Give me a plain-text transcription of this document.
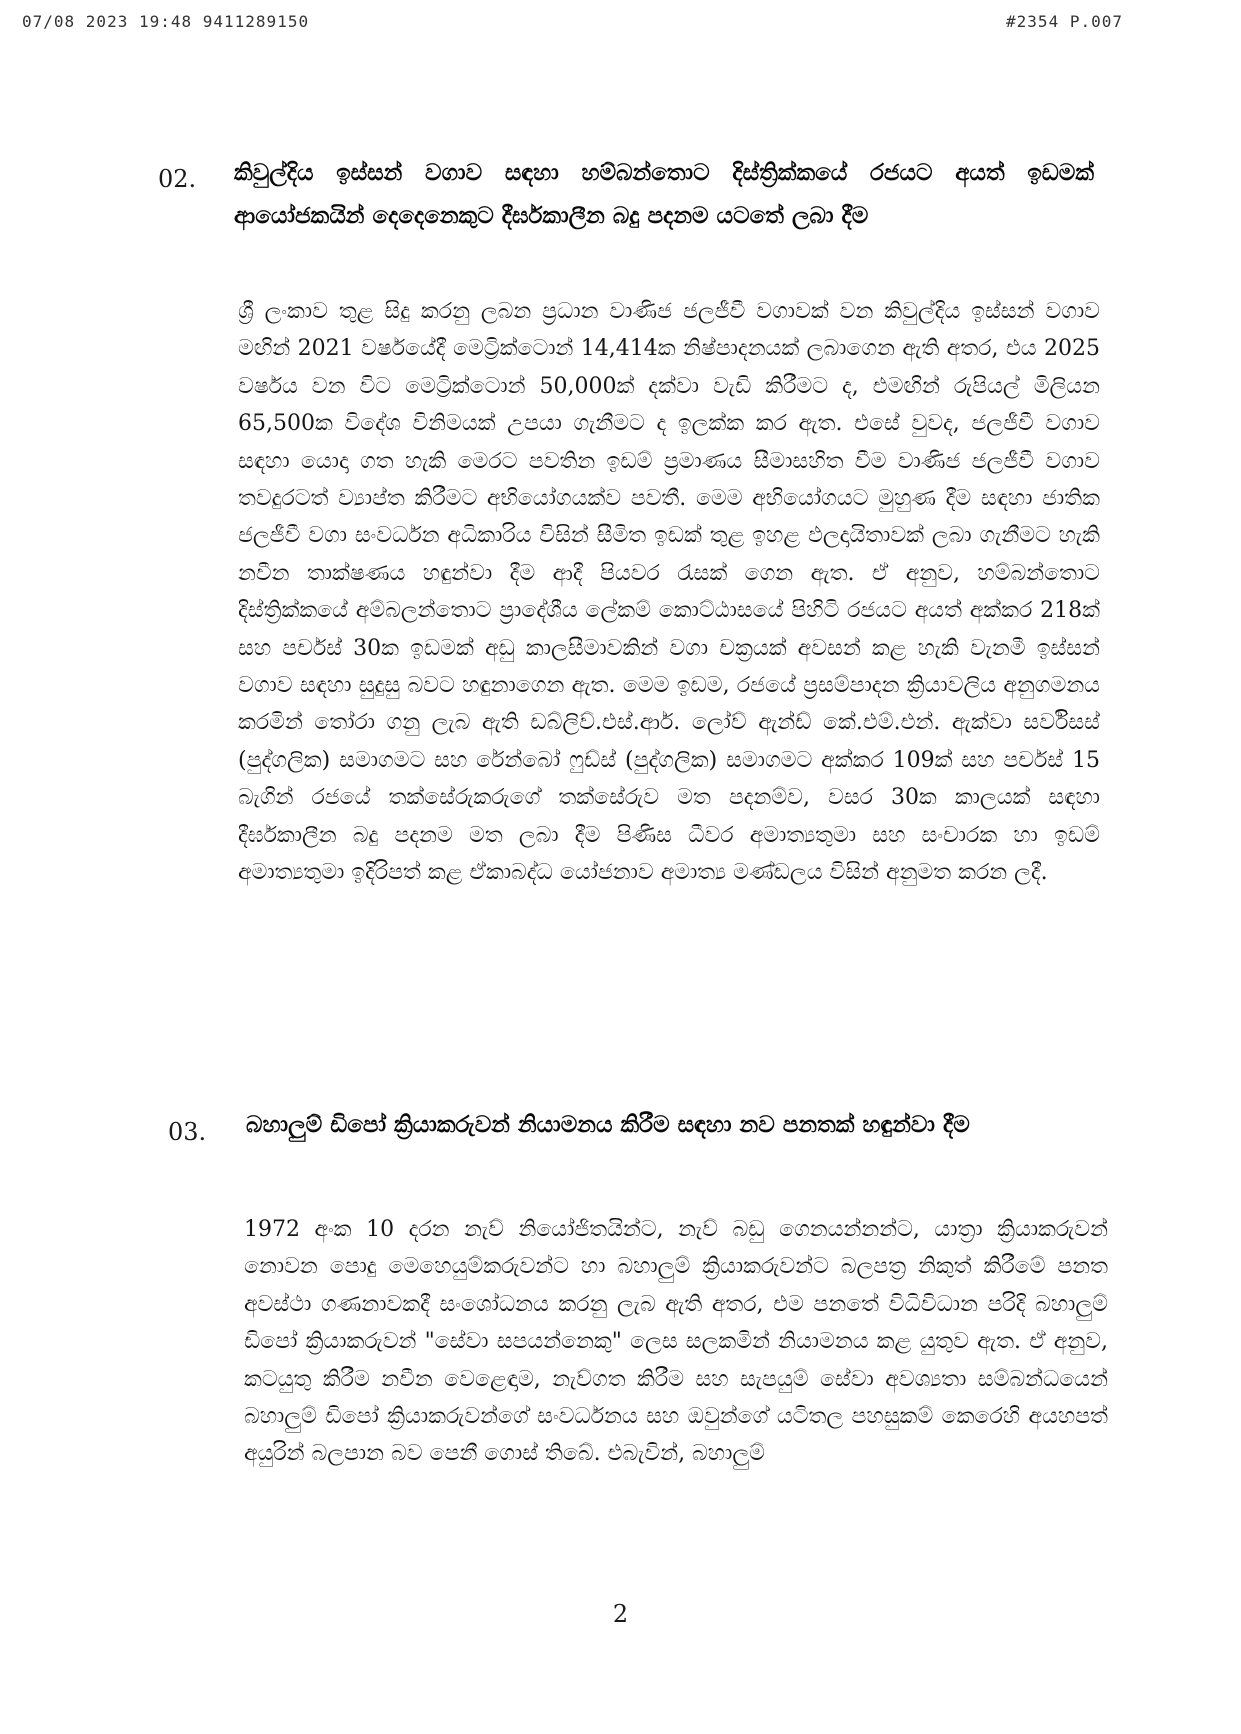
07/08 2023 19:48 9411289150	#2354 P.007
02. කිවුල්දිය ඉස්සන් වගාව සඳහා හම්බන්තොට දිස්ත්‍රික්කයේ රජයට අයත් ඉඩමක් ආයෝජකයින් දෙදෙනෙකුට දීර්ඝකාලීන බදු පදනම යටතේ ලබා දීම
ශ්‍රී ලංකාව තුළ සිදු කරනු ලබන ප්‍රධාන වාණිජ ජලජීවී වගාවක් වන කිවුල්දිය ඉස්සන් වගාව මඟින් 2021 වර්ෂයේදී මෙට්‍රික්ටොන් 14,414ක නිෂ්පාදනයක් ලබාගෙන ඇති අතර, එය 2025 වර්ෂය වන විට මෙට්‍රික්ටොන් 50,000ක් දක්වා වැඩි කිරීමට ද, එමඟින් රුපියල් මිලියන 65,500ක විදේශ විනිමයක් උපයා ගැනීමට ද ඉලක්ක කර ඇත. එසේ වුවද, ජලජීවී වගාව සඳහා යොදා ගත හැකි මෙරට පවතින ඉඩම් ප්‍රමාණය සීමාසහිත වීම වාණිජ ජලජීවී වගාව තවදුරටත් ව්‍යාප්ත කිරීමට අභියෝගයක්ව පවතී. මෙම අභියෝගයට මුහුණ දීම සඳහා ජාතික ජලජීවී වගා සංවර්ධන අධිකාරිය විසින් සීමිත ඉඩක් තුළ ඉහළ ඵලදායිතාවක් ලබා ගැනීමට හැකි නවීන තාක්ෂණය හඳුන්වා දීම ආදී පියවර රැසක් ගෙන ඇත. ඒ අනුව, හම්බන්තොට දිස්ත්‍රික්කයේ අම්බලන්තොට ප්‍රාදේශීය ලේකම් කොට්ඨාසයේ පිහිටි රජයට අයත් අක්කර 218ක් සහ පර්චස් 30ක ඉඩමක් අඩු කාලසීමාවකින් වගා චක්‍රයක් අවසන් කළ හැකි වැනමී ඉස්සන් වගාව සඳහා සුදුසු බවට හඳුනාගෙන ඇත. මෙම ඉඩම, රජයේ ප්‍රසම්පාදන ක්‍රියාවලිය අනුගමනය කරමින් තෝරා ගනු ලැබ ඇති ඩබ්ලිව්.එස්.ආර්. ලෝව් ඇන්ඩ් කේ.එම්.එන්. ඇක්වා සර්විසස් (පුද්ගලික) සමාගමට සහ රේන්බෝ ෆුඩ්ස් (පුද්ගලික) සමාගමට අක්කර 109ක් සහ පර්චස් 15 බැගින් රජයේ තක්සේරුකරුගේ තක්සේරුව මත පදනම්ව, වසර 30ක කාලයක් සඳහා දීර්ඝකාලීන බදු පදනම මත ලබා දීම පිණිස ධීවර අමාත්‍යතුමා සහ සංචාරක හා ඉඩම් අමාත්‍යතුමා ඉදිරිපත් කළ ඒකාබද්ධ යෝජනාව අමාත්‍ය මණ්ඩලය විසින් අනුමත කරන ලදී.
03. බහාලුම් ඩිපෝ ක්‍රියාකරුවන් නියාමනය කිරීම සඳහා නව පනතක් හඳුන්වා දීම
1972 අංක 10 දරන නැව් නියෝජිතයින්ට, නැව් බඩු ගෙනයන්නන්ට, යාත්‍රා ක්‍රියාකරුවන් නොවන පොදු මෙහෙයුම්කරුවන්ට හා බහාලුම් ක්‍රියාකරුවන්ට බලපත්‍ර නිකුත් කිරීමේ පනත අවස්ථා ගණනාවකදී සංශෝධනය කරනු ලැබ ඇති අතර, එම පනතේ විධිවිධාන පරිදි බහාලුම් ඩිපෝ ක්‍රියාකරුවන් "සේවා සපයන්නෙකු" ලෙස සලකමින් නියාමනය කළ යුතුව ඇත. ඒ අනුව, කටයුතු කිරීම නවීන වෙළෙඳාම, නැව්ගත කිරීම සහ සැපයුම් සේවා අවශ්‍යතා සම්බන්ධයෙන් බහාලුම් ඩිපෝ ක්‍රියාකරුවන්ගේ සංවර්ධනය සහ ඔවුන්ගේ යටිතල පහසුකම් කෙරෙහි අයහපත් අයුරින් බලපාන බව පෙනී ගොස් තිබේ. එබැවින්, බහාලුම්
2
